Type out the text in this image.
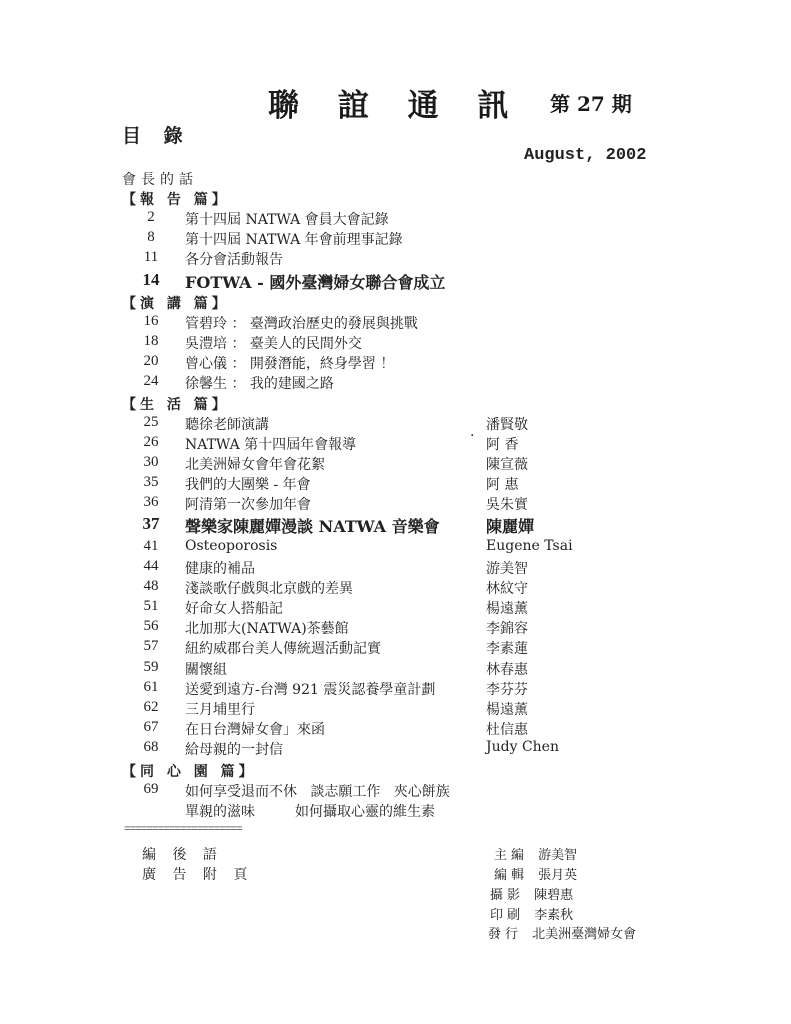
聯 誼 通 訊 第 27 期
目 錄
August, 2002
會長的話
【報 告 篇】
2	第十四屆 NATWA 會員大會記錄
8	第十四屆 NATWA 年會前理事記錄
11	各分會活動報告
14	FOTWA - 國外臺灣婦女聯合會成立
【演 講 篇】
16	管碧玲 ： 臺灣政治歷史的發展與挑戰
18	吳澧培 ： 臺美人的民間外交
20	曾心儀 ： 開發潛能，終身學習 ！
24	徐馨生 ： 我的建國之路
【生 活 篇】
.
25	聽徐老師演講	潘賢敬
26	NATWA 第十四屆年會報導	阿 香
30	北美洲婦女會年會花絮	陳宣薇
35	我們的大團樂 - 年會	阿 惠
36	阿清第一次參加年會	吳朱實
37	聲樂家陳麗嬋漫談 NATWA 音樂會	陳麗嬋
41	Osteoporosis	Eugene Tsai
44	健康的補品	游美智
48	淺談歌仔戲與北京戲的差異	林紋守
51	好命女人搭船記	楊遠薰
56	北加那大(NATWA)茶藝館	李錦容
57	紐約威郡台美人傳統週活動記實	李素蓮
59	關懷組	林春惠
61	送愛到遠方-台灣 921 震災認養學童計劃	李芬芬
62	三月埔里行	楊遠薰
67	在日台灣婦女會」來函	杜信惠
68	給母親的一封信	Judy Chen
【同 心 園 篇】
69	如何享受退而不休   談志願工作   夾心餅族
單親的滋味         如何攝取心靈的維生素
=====================
編 後 語
廣 告 附 頁
主編 游美智
編輯 張月英
攝影 陳碧惠
印刷 李素秋
發行 北美洲臺灣婦女會
